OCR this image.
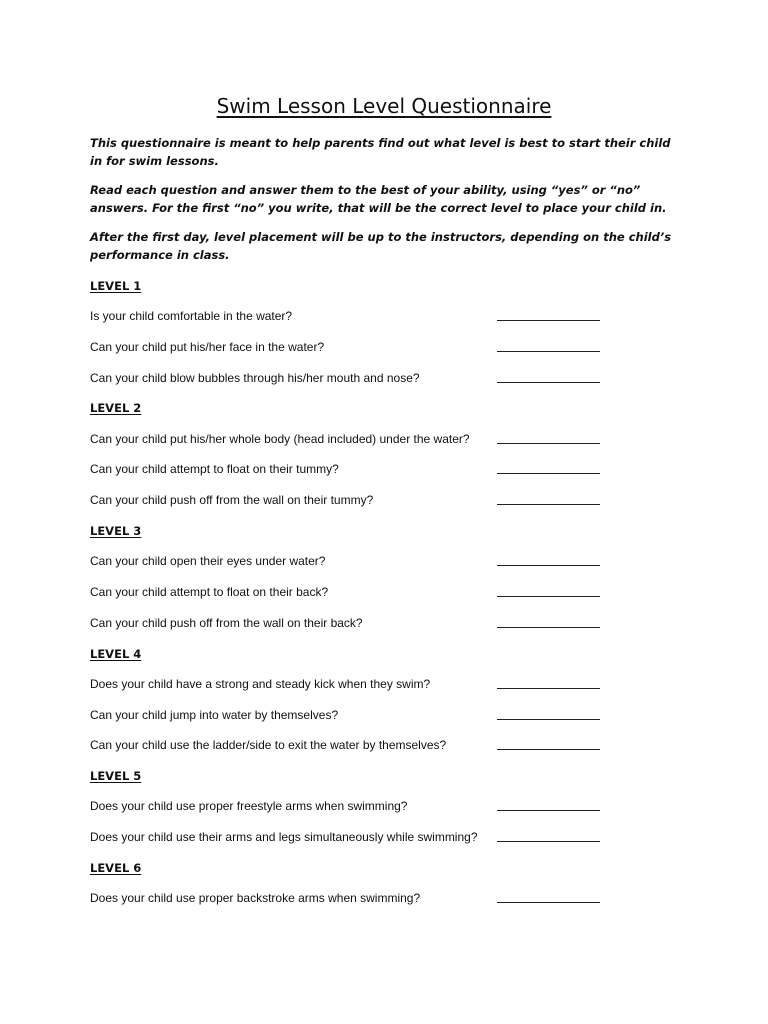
Swim Lesson Level Questionnaire
This questionnaire is meant to help parents find out what level is best to start their child in for swim lessons.
Read each question and answer them to the best of your ability, using “yes” or “no” answers. For the first “no” you write, that will be the correct level to place your child in.
After the first day, level placement will be up to the instructors, depending on the child’s performance in class.
LEVEL 1
Is your child comfortable in the water?
Can your child put his/her face in the water?
Can your child blow bubbles through his/her mouth and nose?
LEVEL 2
Can your child put his/her whole body (head included) under the water?
Can your child attempt to float on their tummy?
Can your child push off from the wall on their tummy?
LEVEL 3
Can your child open their eyes under water?
Can your child attempt to float on their back?
Can your child push off from the wall on their back?
LEVEL 4
Does your child have a strong and steady kick when they swim?
Can your child jump into water by themselves?
Can your child use the ladder/side to exit the water by themselves?
LEVEL 5
Does your child use proper freestyle arms when swimming?
Does your child use their arms and legs simultaneously while swimming?
LEVEL 6
Does your child use proper backstroke arms when swimming?
